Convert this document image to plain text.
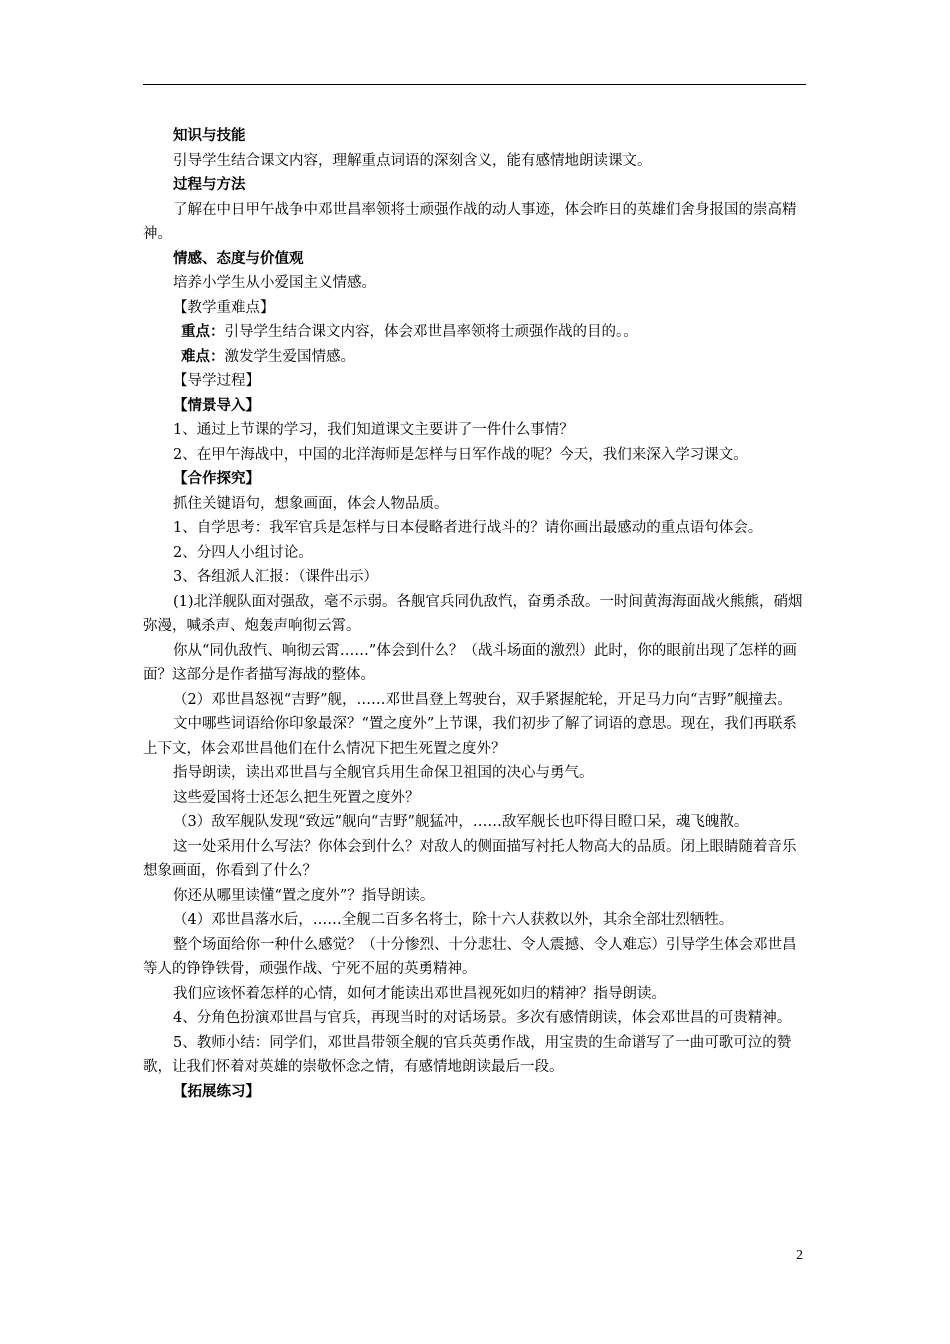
知识与技能

引导学生结合课文内容，理解重点词语的深刻含义，能有感情地朗读课文。

过程与方法

了解在中日甲午战争中邓世昌率领将士顽强作战的动人事迹，体会昨日的英雄们舍身报国的崇高精神。

情感、态度与价值观

培养小学生从小爱国主义情感。

【教学重难点】

重点：引导学生结合课文内容，体会邓世昌率领将士顽强作战的目的。。

难点：激发学生爱国情感。

【导学过程】

【情景导入】

1、通过上节课的学习，我们知道课文主要讲了一件什么事情？

2、在甲午海战中，中国的北洋海师是怎样与日军作战的呢？今天，我们来深入学习课文。

【合作探究】

抓住关键语句，想象画面，体会人物品质。

1、自学思考：我军官兵是怎样与日本侵略者进行战斗的？请你画出最感动的重点语句体会。

2、分四人小组讨论。

3、各组派人汇报：（课件出示）

(1)北洋舰队面对强敌，毫不示弱。各舰官兵同仇敌忾，奋勇杀敌。一时间黄海海面战火熊熊，硝烟弥漫，喊杀声、炮轰声响彻云霄。

你从“同仇敌忾、响彻云霄……”体会到什么？（战斗场面的激烈）此时，你的眼前出现了怎样的画面？这部分是作者描写海战的整体。

（2）邓世昌怒视“吉野”舰，……邓世昌登上驾驶台，双手紧握舵轮，开足马力向“吉野”舰撞去。

文中哪些词语给你印象最深？“置之度外”上节课，我们初步了解了词语的意思。现在，我们再联系上下文，体会邓世昌他们在什么情况下把生死置之度外？

指导朗读，读出邓世昌与全舰官兵用生命保卫祖国的决心与勇气。

这些爱国将士还怎么把生死置之度外？

（3）敌军舰队发现“致远”舰向“吉野”舰猛冲，……敌军舰长也吓得目瞪口呆，魂飞魄散。

这一处采用什么写法？你体会到什么？对敌人的侧面描写衬托人物高大的品质。闭上眼睛随着音乐想象画面，你看到了什么？

你还从哪里读懂“置之度外”？指导朗读。

（4）邓世昌落水后，……全舰二百多名将士，除十六人获救以外，其余全部壮烈牺牲。

整个场面给你一种什么感觉？（十分惨烈、十分悲壮、令人震撼、令人难忘）引导学生体会邓世昌等人的铮铮铁骨，顽强作战、宁死不屈的英勇精神。

我们应该怀着怎样的心情，如何才能读出邓世昌视死如归的精神？指导朗读。

4、分角色扮演邓世昌与官兵，再现当时的对话场景。多次有感情朗读，体会邓世昌的可贵精神。

5、教师小结：同学们，邓世昌带领全舰的官兵英勇作战，用宝贵的生命谱写了一曲可歌可泣的赞歌，让我们怀着对英雄的崇敬怀念之情，有感情地朗读最后一段。

【拓展练习】

2
